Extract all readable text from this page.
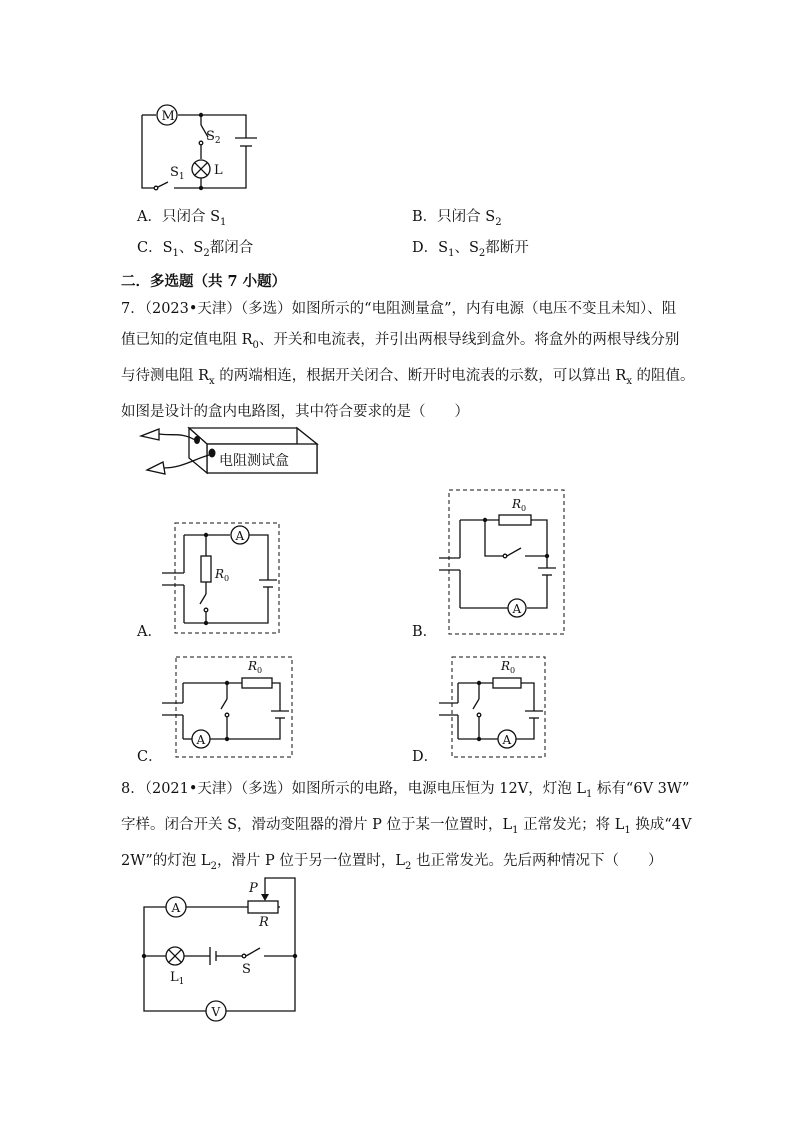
M
$S_2$
$S_1$ L
A．只闭合 $S_1$	B．只闭合 $S_2$
C．$S_1$、$S_2$都闭合	D．$S_1$、$S_2$都断开
二．多选题（共 7 小题）

7．（2023•天津）（多选）如图所示的“电阻测量盒”，内有电源（电压不变且未知）、阻

值已知的定值电阻 $R_0$、开关和电流表，并引出两根导线到盒外。将盒外的两根导线分别

与待测电阻 $R_x$ 的两端相连，根据开关闭合、断开时电流表的示数，可以算出 $R_x$ 的阻值。

如图是设计的盒内电路图，其中符合要求的是（　　）

电阻测试盒
A
$R_0$
A．
$R_0$
A
B．
$R_0$
A
C．
$R_0$
A
D．

8．（2021•天津）（多选）如图所示的电路，电源电压恒为 12V，灯泡 $L_1$ 标有“6V 3W”

字样。闭合开关 S，滑动变阻器的滑片 P 位于某一位置时，$L_1$ 正常发光；将 $L_1$ 换成“4V

2W”的灯泡 $L_2$，滑片 P 位于另一位置时，$L_2$ 也正常发光。先后两种情况下（　　）

A
P
R
S
$L_1$
V
